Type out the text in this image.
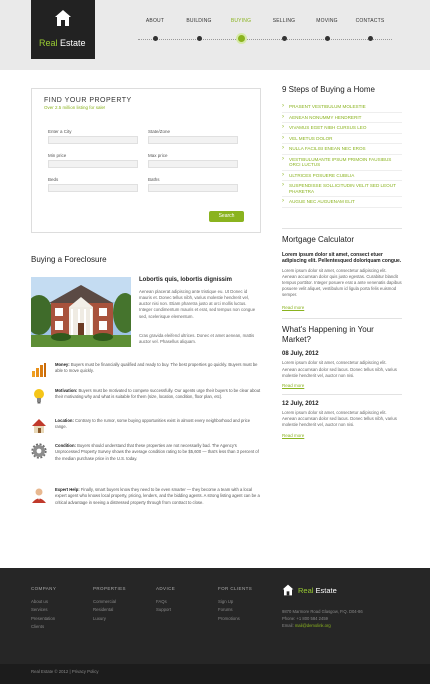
Real Estate
ABOUT	BUILDING	BUYING	SELLING	MOVING	CONTACTS
FIND YOUR PROPERTY
Over 2.5 million listing for sale!
Enter a City	State/Zone
Min price	Max price
Beds	Baths
Search
9 Steps of Buying a Home
› PRASENT VESTIBULUM MOLESTIE
› AENEAN NONUMMY HENDRERIT
› VIVAMUS EGET NIBH CURSUS LEO
› VEL METUS DOLOR
› NULLA FACILISI ENEAN NEC EROS
› VESTIBULUMANTE IPSUM PRIMOIN FAUSIBUS ORCI LUCTUS
› ULTRICES POSUERE CUBILIA
› SUSPENDISSE SOLLICITUDIN VELIT SED LEOUT PHARETRA
› AUGUE NEC AUGUENAM ELIT
Mortgage Calculator
Lorem ipsum dolor sit amet, consect etuer adipiscing elit. Pellentesqued doloriquam congue.
Lorem ipsum dolor sit amet, consectetur adipiscing elit. Aenean accumsan dolor quis justo egestas. Curabitur blandit tempus porttitor. Integer posuere erat a ante venenatis dapibus posuere velit aliquet, vestibulum id ligula porta felis euismod semper.
Read more
What's Happening in Your Market?
08 July, 2012
Lorem ipsum dolor sit amet, consectetur adipiscing elit. Aenean accumsan dolor sed lacus. Donec tellus nibh, varius molestie hendrerit vel, auctor non nisi.
Read more
12 July, 2012
Lorem ipsum dolor sit amet, consectetur adipiscing elit. Aenean accumsan dolor sed lacus. Donec tellus nibh, varius molestie hendrerit vel, auctor non nisi.
Read more
Buying a Foreclosure
Lobortis quis, lobortis dignissim
Aenean placerat adipiscing ante tristique eu. Ut Donec id mauris et. Donec tellus nibh, varius molestie hendrerit vel, auctor nisi non. Etiam pharetra justo at orci mollis luctus. Integer condimentum mauris et erat, sed tempus non congue sed, scelerisque elementum.
Cras gravida eleifend ultrices. Donec et amet aenean, mattis auctor vel. Phasellus aliquam.
Money: Buyers must be financially qualified and ready to buy. The best properties go quickly. Buyers must be able to move quickly.
Motivation: Buyers must be motivated to compete successfully. Our agents urge their buyers to be clear about their motivating why and what is suitable for them (size, location, condition, floor plan, etc).
Location: Contrary to the rumor, some buying opportunities exist in almost every neighborhood and price range.
Condition: Buyers should understand that these properties are not necessarily bad. The Agency's Unprocessed Property Survey shows the average condition rating to be $5,600 — that's less than 3 percent of the median purchase price in the U.S. today.
Expert Help: Finally, smart buyers know they need to be even smarter — they become a team with a local expert agent who knows local property, pricing, lenders, and the bidding agents. A strong listing agent can be a critical advantage in seeing a distressed property through from contract to close.
COMPANY
About us
Services
Presentation
Clients
PROPERTIES
Commercial
Residental
Luxury
ADVICE
FAQs
Support
FOR CLIENTS
Sign Up
Forums
Promotions
Real Estate
9870 Marmore Road Glasgow, P.Q. D04-86
Phone: +1 800 584 2459
Email: mail@demolink.org
Real Estate © 2012 | Privacy Policy
